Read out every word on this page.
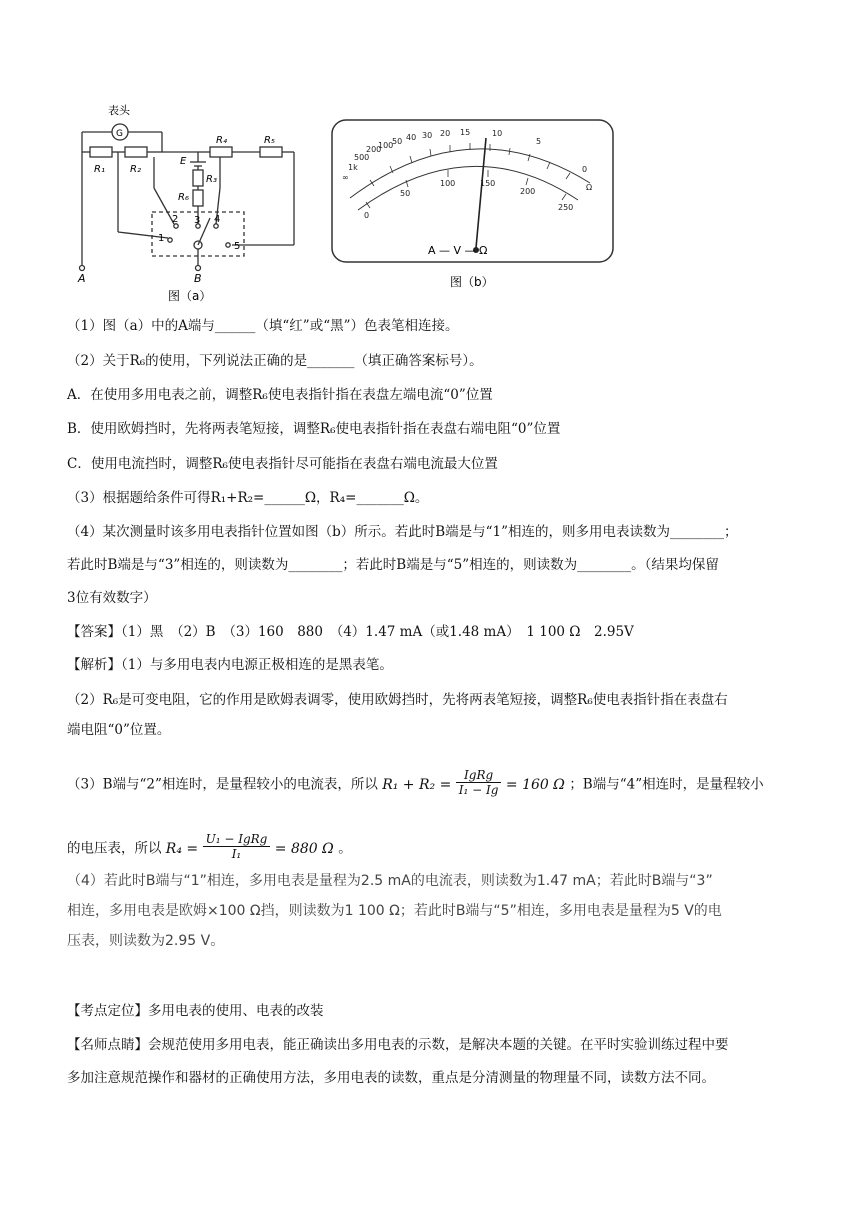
表头
G
R₁	R₂
R₄	R₅
E
R₃
R₆
1
2 3 4
5
A	B
图（a）
∞
1k
500
200
100
50 40 30 20 15	10
5
0
0
50
100	150
200
250
Ω
A — V — Ω
图（b）
（1）图（a）中的A端与______（填“红”或“黑”）色表笔相连接。
（2）关于R₆的使用，下列说法正确的是_______（填正确答案标号）。
A．在使用多用电表之前，调整R₆使电表指针指在表盘左端电流“0”位置
B．使用欧姆挡时，先将两表笔短接，调整R₆使电表指针指在表盘右端电阻“0”位置
C．使用电流挡时，调整R₆使电表指针尽可能指在表盘右端电流最大位置
（3）根据题给条件可得R₁+R₂=______Ω，R₄=_______Ω。
（4）某次测量时该多用电表指针位置如图（b）所示。若此时B端是与“1”相连的，则多用电表读数为________；
若此时B端是与“3”相连的，则读数为________；若此时B端是与“5”相连的，则读数为________。（结果均保留
3位有效数字）
【答案】（1）黑　（2）B　（3）160　880　（4）1.47 mA（或1.48 mA）　1 100 Ω　2.95V
【解析】（1）与多用电表内电源正极相连的是黑表笔。
（2）R₆是可变电阻，它的作用是欧姆表调零，使用欧姆挡时，先将两表笔短接，调整R₆使电表指针指在表盘右
端电阻“0”位置。
（3）B端与“2”相连时，是量程较小的电流表，所以 $R_1 + R_2 = \frac{\text{IgRg}}{\text{I₁ − Ig}} = 160$ Ω ；B端与“4”相连时，是量程较小
的电压表，所以 $R_4 = \frac{\text{U₁ − IgRg}}{\text{I₁}} = 880$ Ω 。
（4）若此时B端与“1”相连，多用电表是量程为2.5 mA的电流表，则读数为1.47 mA；若此时B端与“3”
相连，多用电表是欧姆×100 Ω挡，则读数为1 100 Ω；若此时B端与“5”相连，多用电表是量程为5 V的电
压表，则读数为2.95 V。
【考点定位】多用电表的使用、电表的改装
【名师点睛】会规范使用多用电表，能正确读出多用电表的示数，是解决本题的关键。在平时实验训练过程中要
多加注意规范操作和器材的正确使用方法，多用电表的读数，重点是分清测量的物理量不同，读数方法不同。
